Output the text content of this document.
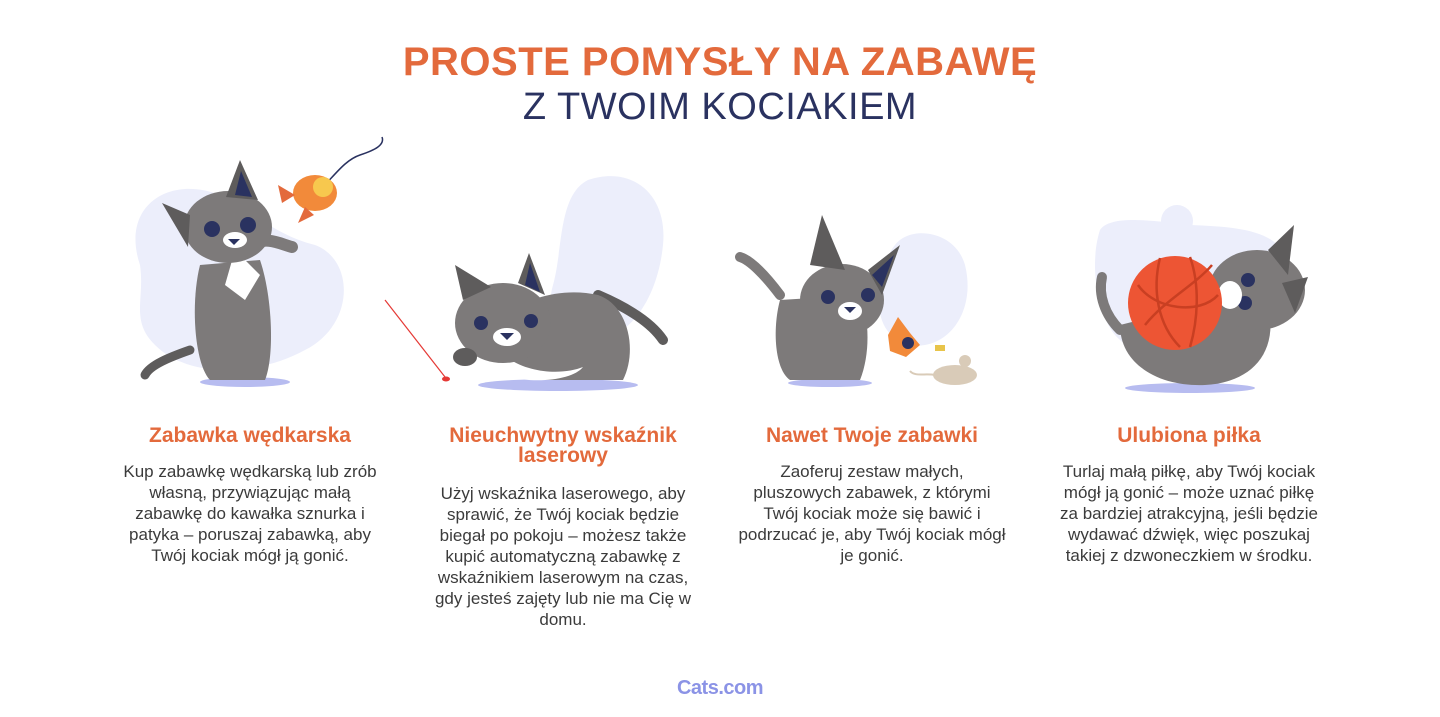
PROSTE POMYSŁY NA ZABAWĘ
Z TWOIM KOCIAKIEM
Zabawka wędkarska

Kup zabawkę wędkarską lub zrób własną, przywiązując małą zabawkę do kawałka sznurka i patyka – poruszaj zabawką, aby Twój kociak mógł ją gonić.

Nieuchwytny wskaźnik laserowy

Użyj wskaźnika laserowego, aby sprawić, że Twój kociak będzie biegał po pokoju – możesz także kupić automatyczną zabawkę z wskaźnikiem laserowym na czas, gdy jesteś zajęty lub nie ma Cię w domu.

Nawet Twoje zabawki

Zaoferuj zestaw małych, pluszowych zabawek, z którymi Twój kociak może się bawić i podrzucać je, aby Twój kociak mógł je gonić.

Ulubiona piłka

Turlaj małą piłkę, aby Twój kociak mógł ją gonić – może uznać piłkę za bardziej atrakcyjną, jeśli będzie wydawać dźwięk, więc poszukaj takiej z dzwoneczkiem w środku.

Cats.com
